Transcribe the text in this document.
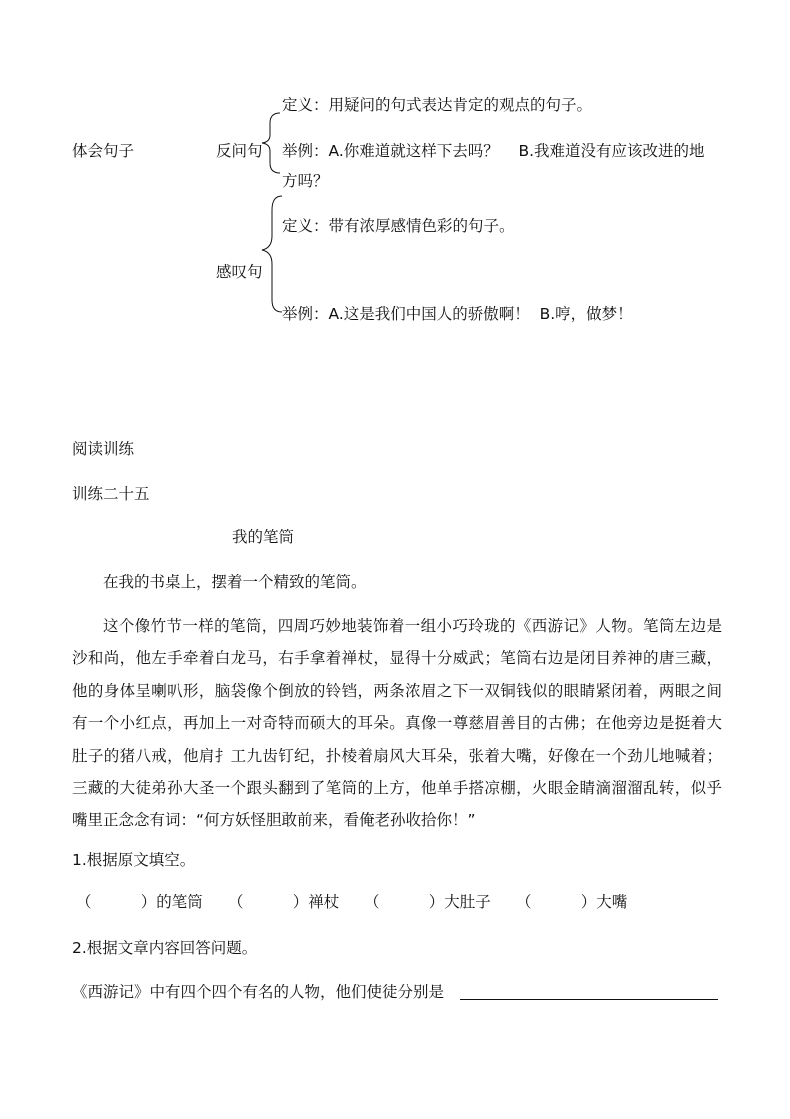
体会句子	反问句
定义：用疑问的句式表达肯定的观点的句子。
举例：A.你难道就这样下去吗？    B.我难道没有应该改进的地
方吗？
感叹句
定义：带有浓厚感情色彩的句子。
举例：A.这是我们中国人的骄傲啊！  B.哼，做梦！
阅读训练
训练二十五
我的笔筒
在我的书桌上，摆着一个精致的笔筒。
这个像竹节一样的笔筒，四周巧妙地装饰着一组小巧玲珑的《西游记》人物。笔筒左边是沙和尚，他左手牵着白龙马，右手拿着禅杖，显得十分威武；笔筒右边是闭目养神的唐三藏，他的身体呈喇叭形，脑袋像个倒放的铃铛，两条浓眉之下一双铜钱似的眼睛紧闭着，两眼之间有一个小红点，再加上一对奇特而硕大的耳朵。真像一尊慈眉善目的古佛；在他旁边是挺着大肚子的猪八戒，他肩扌工九齿钉纪，扑棱着扇风大耳朵，张着大嘴，好像在一个劲儿地喊着；三藏的大徒弟孙大圣一个跟头翻到了笔筒的上方，他单手搭凉棚，火眼金睛滴溜溜乱转，似乎嘴里正念念有词：“何方妖怪胆敢前来，看俺老孙收拾你！”
1.根据原文填空。
（          ）的笔筒 （          ）禅杖 （          ）大肚子 （          ）大嘴
2.根据文章内容回答问题。
《西游记》中有四个四个有名的人物，他们使徒分别是
